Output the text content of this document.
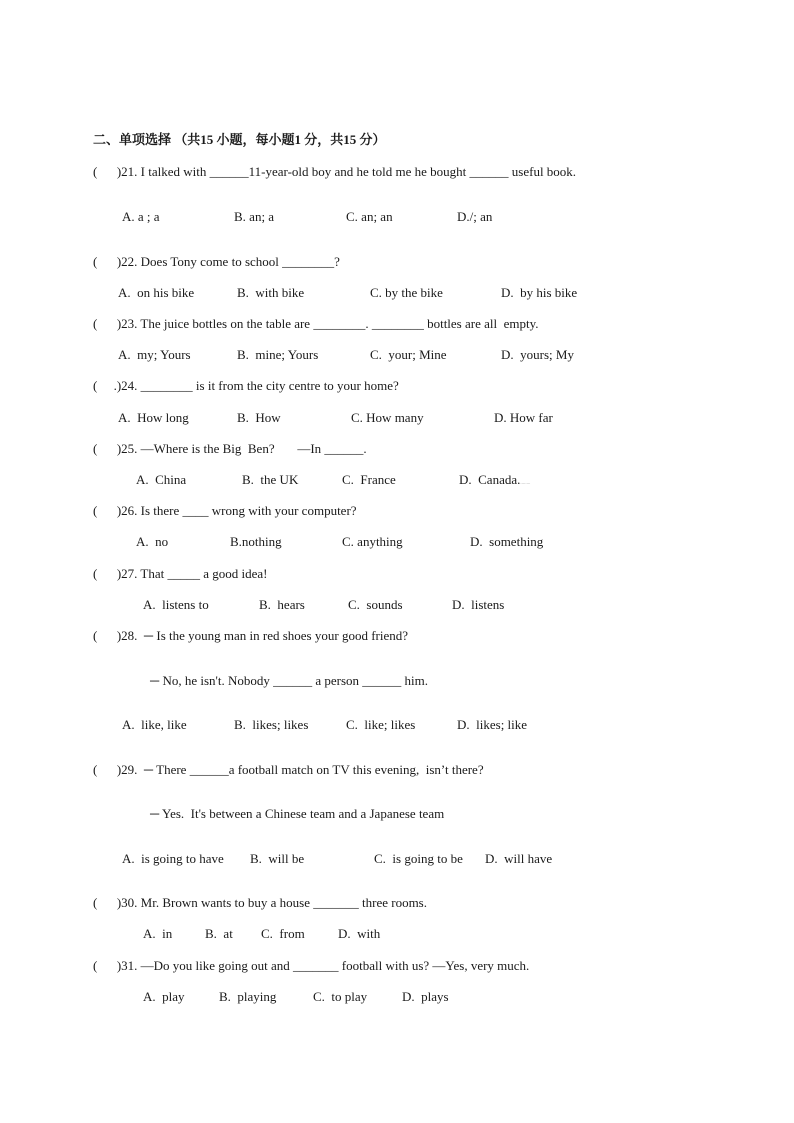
二、单项选择 （共15 小题，每小题1 分，共15 分）
(      )21. I talked with ______11-year-old boy and he told me he bought ______ useful book.
A. a ; a	B. an; a	C. an; an	D./; an
(      )22. Does Tony come to school ________?
A.  on his bike	B.  with bike	C. by the bike	D.  by his bike
(      )23. The juice bottles on the table are ________. ________ bottles are all  empty.
A.  my; Yours	B.  mine; Yours	C.  your; Mine	D.  yours; My
(     .)24. ________ is it from the city centre to your home?
A.  How long	B.  How	C. How many	D. How far
(      )25. —Where is the Big  Ben?       —In ______.
A.  China	B.  the UK	C.  France	D.  Canada.........
(      )26. Is there ____ wrong with your computer?
A.  no	B.nothing	C. anything	D.  something
(      )27. That _____ a good idea!
A.  listens to	B.  hears	C.  sounds	D.  listens
(      )28.  ─ Is the young man in red shoes your good friend?
─ No, he isn't. Nobody ______ a person ______ him.
A.  like, like	B.  likes; likes	C.  like; likes	D.  likes; like
(      )29.  ─ There ______a football match on TV this evening,  isn’t there?
─ Yes.  It's between a Chinese team and a Japanese team
A.  is going to have B.  will be	C.  is going to be D.  will have
(      )30. Mr. Brown wants to buy a house _______ three rooms.
A.  in	B.  at C.  from	D.  with
(      )31. —Do you like going out and _______ football with us? —Yes, very much.
A.  play	B.  playing	C.  to play	D.  plays
